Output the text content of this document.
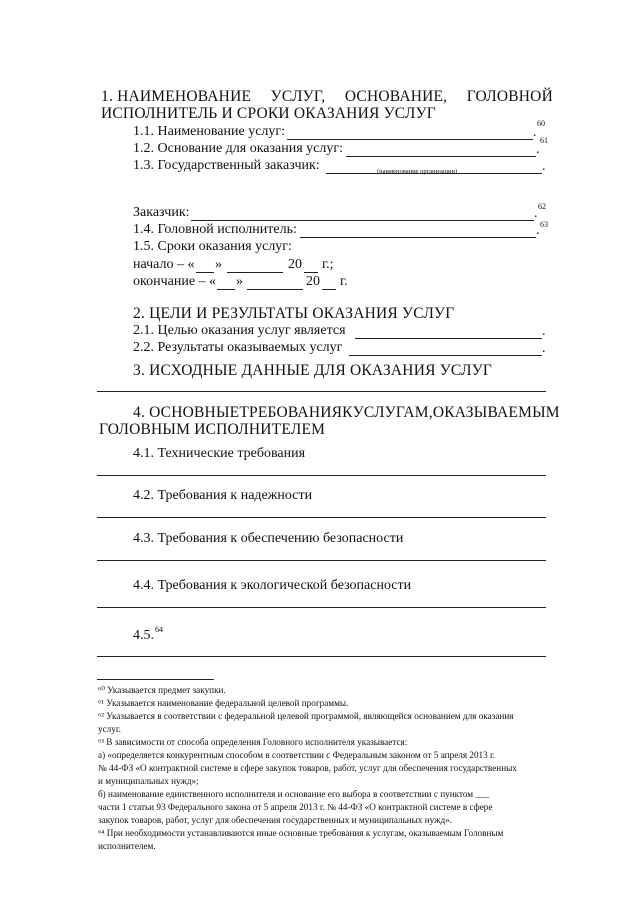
1. НАИМЕНОВАНИЕ УСЛУГ, ОСНОВАНИЕ, ГОЛОВНОЙ
ИСПОЛНИТЕЛЬ И СРОКИ ОКАЗАНИЯ УСЛУГ
1.1. Наименование услуг:	.
60
1.2. Основание для оказания услуг:	.
61
1.3. Государственный заказчик:	.
(наименование организации)
Заказчик:	. 62
1.4. Головной исполнитель:	. 63
1.5. Сроки оказания услуг:
начало – « »	20 г.;
окончание – « »	20 г.
2. ЦЕЛИ И РЕЗУЛЬТАТЫ ОКАЗАНИЯ УСЛУГ
2.1. Целью оказания услуг является	.
2.2. Результаты оказываемых услуг	.
3. ИСХОДНЫЕ ДАННЫЕ ДЛЯ ОКАЗАНИЯ УСЛУГ
4. ОСНОВНЫЕ ТРЕБОВАНИЯ К УСЛУГАМ, ОКАЗЫВАЕМЫМ
ГОЛОВНЫМ ИСПОЛНИТЕЛЕМ
4.1. Технические требования
4.2. Требования к надежности
4.3. Требования к обеспечению безопасности
4.4. Требования к экологической безопасности
4.5. 64
⁶⁰ Указывается предмет закупки.
⁶¹ Указывается наименование федеральной целевой программы.
⁶² Указывается в соответствии с федеральной целевой программой, являющейся основанием для оказания
услуг.
⁶³ В зависимости от способа определения Головного исполнителя указывается:
а) «определяется конкурентным способом в соответствии с Федеральным законом от 5 апреля 2013 г.
№ 44-ФЗ «О контрактной системе в сфере закупок товаров, работ, услуг для обеспечения государственных
и муниципальных нужд»;
б) наименование единственного исполнителя и основание его выбора в соответствии с пунктом ___
части 1 статьи 93 Федерального закона от 5 апреля 2013 г. № 44-ФЗ «О контрактной системе в сфере
закупок товаров, работ, услуг для обеспечения государственных и муниципальных нужд».
⁶⁴ При необходимости устанавливаются иные основные требования к услугам, оказываемым Головным
исполнителем.
